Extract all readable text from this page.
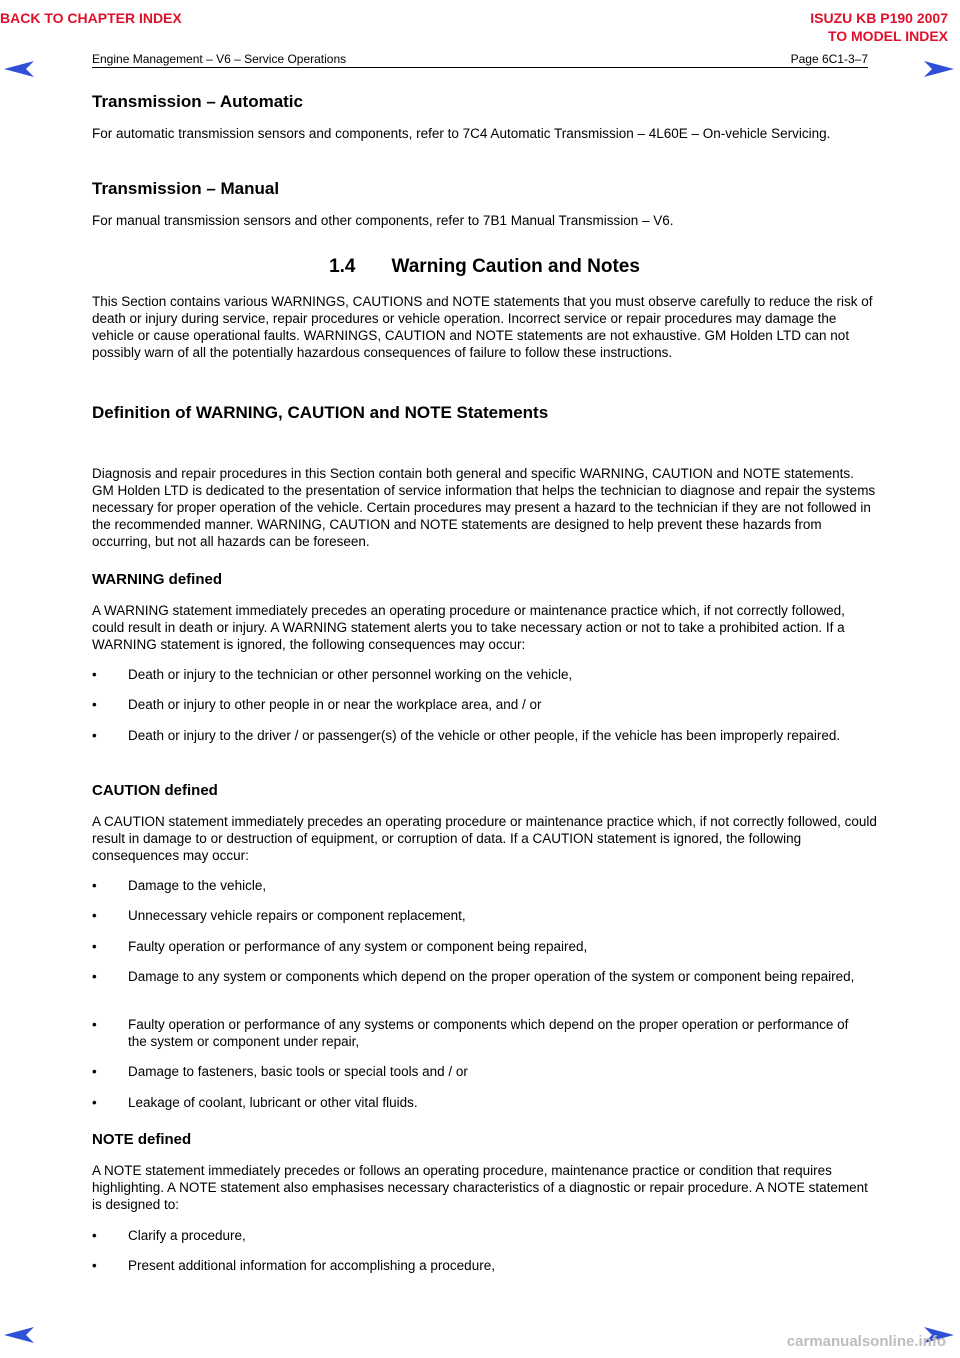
BACK TO CHAPTER INDEX	ISUZU KB P190 2007
TO MODEL INDEX
Engine Management – V6 – Service Operations	Page 6C1-3–7
Transmission – Automatic

For automatic transmission sensors and components, refer to 7C4 Automatic Transmission – 4L60E – On-vehicle Servicing.

Transmission – Manual

For manual transmission sensors and other components, refer to 7B1 Manual Transmission – V6.

1.4 Warning Caution and Notes

This Section contains various WARNINGS, CAUTIONS and NOTE statements that you must observe carefully to reduce the risk of death or injury during service, repair procedures or vehicle operation. Incorrect service or repair procedures may damage the vehicle or cause operational faults. WARNINGS, CAUTION and NOTE statements are not exhaustive. GM Holden LTD can not possibly warn of all the potentially hazardous consequences of failure to follow these instructions.

Definition of WARNING, CAUTION and NOTE Statements

Diagnosis and repair procedures in this Section contain both general and specific WARNING, CAUTION and NOTE statements. GM Holden LTD is dedicated to the presentation of service information that helps the technician to diagnose and repair the systems necessary for proper operation of the vehicle. Certain procedures may present a hazard to the technician if they are not followed in the recommended manner. WARNING, CAUTION and NOTE statements are designed to help prevent these hazards from occurring, but not all hazards can be foreseen.

WARNING defined

A WARNING statement immediately precedes an operating procedure or maintenance practice which, if not correctly followed, could result in death or injury. A WARNING statement alerts you to take necessary action or not to take a prohibited action. If a WARNING statement is ignored, the following consequences may occur:

• Death or injury to the technician or other personnel working on the vehicle,
• Death or injury to other people in or near the workplace area, and / or
• Death or injury to the driver / or passenger(s) of the vehicle or other people, if the vehicle has been improperly repaired.
CAUTION defined

A CAUTION statement immediately precedes an operating procedure or maintenance practice which, if not correctly followed, could result in damage to or destruction of equipment, or corruption of data. If a CAUTION statement is ignored, the following consequences may occur:

• Damage to the vehicle,
• Unnecessary vehicle repairs or component replacement,
• Faulty operation or performance of any system or component being repaired,
• Damage to any system or components which depend on the proper operation of the system or component being repaired,
• Faulty operation or performance of any systems or components which depend on the proper operation or performance of the system or component under repair,
• Damage to fasteners, basic tools or special tools and / or
• Leakage of coolant, lubricant or other vital fluids.
NOTE defined

A NOTE statement immediately precedes or follows an operating procedure, maintenance practice or condition that requires highlighting. A NOTE statement also emphasises necessary characteristics of a diagnostic or repair procedure. A NOTE statement is designed to:

• Clarify a procedure,
• Present additional information for accomplishing a procedure,
carmanualsonline.info
